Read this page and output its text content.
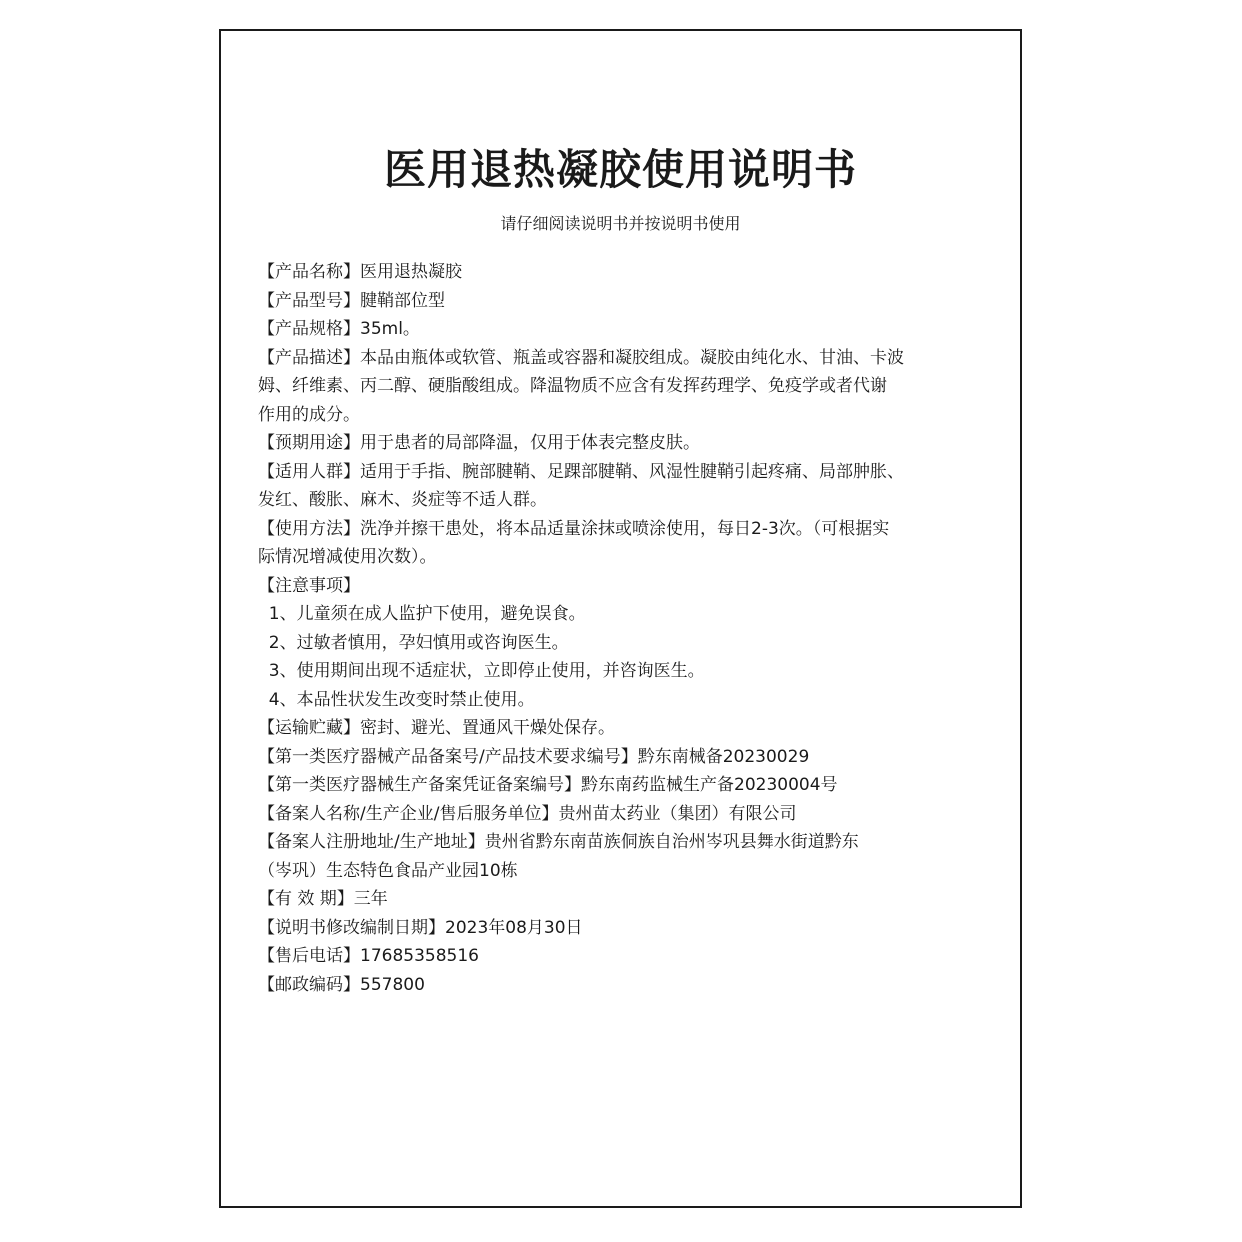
医用退热凝胶使用说明书
请仔细阅读说明书并按说明书使用
【产品名称】医用退热凝胶
【产品型号】腱鞘部位型
【产品规格】35ml。
【产品描述】本品由瓶体或软管、瓶盖或容器和凝胶组成。凝胶由纯化水、甘油、卡波
姆、纤维素、丙二醇、硬脂酸组成。降温物质不应含有发挥药理学、免疫学或者代谢
作用的成分。
【预期用途】用于患者的局部降温，仅用于体表完整皮肤。
【适用人群】适用于手指、腕部腱鞘、足踝部腱鞘、风湿性腱鞘引起疼痛、局部肿胀、
发红、酸胀、麻木、炎症等不适人群。
【使用方法】洗净并擦干患处，将本品适量涂抹或喷涂使用，每日2-3次。（可根据实
际情况增减使用次数）。
【注意事项】
1、儿童须在成人监护下使用，避免误食。
2、过敏者慎用，孕妇慎用或咨询医生。
3、使用期间出现不适症状，立即停止使用，并咨询医生。
4、本品性状发生改变时禁止使用。
【运输贮藏】密封、避光、置通风干燥处保存。
【第一类医疗器械产品备案号/产品技术要求编号】黔东南械备20230029
【第一类医疗器械生产备案凭证备案编号】黔东南药监械生产备20230004号
【备案人名称/生产企业/售后服务单位】贵州苗太药业（集团）有限公司
【备案人注册地址/生产地址】贵州省黔东南苗族侗族自治州岑巩县舞水街道黔东
（岑巩）生态特色食品产业园10栋
【有 效 期】三年
【说明书修改编制日期】2023年08月30日
【售后电话】17685358516
【邮政编码】557800
